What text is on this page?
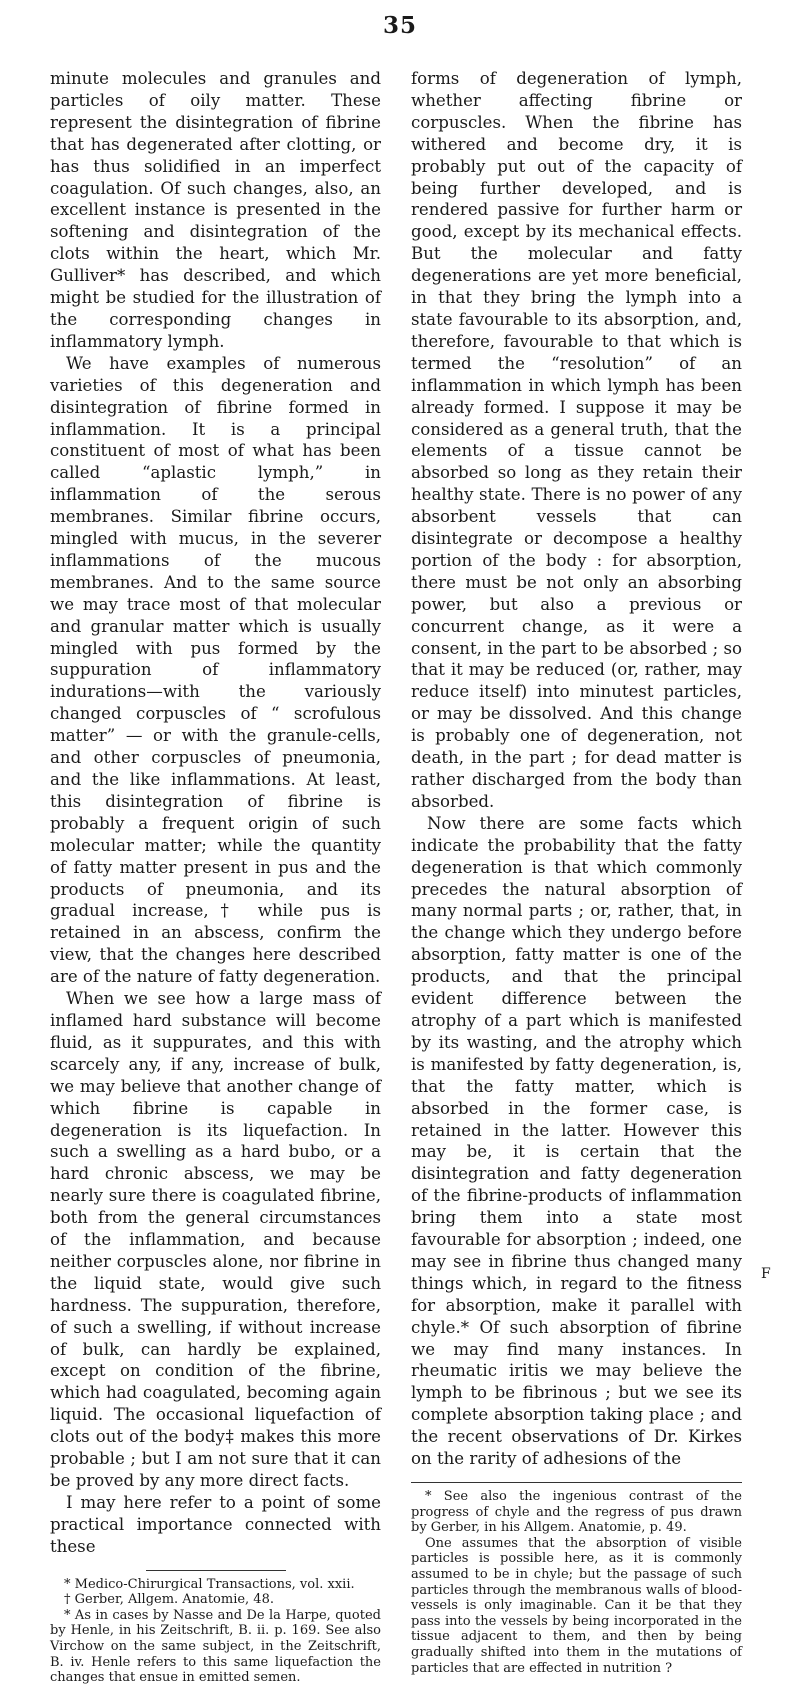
35

minute molecules and granules and particles of oily matter. These represent the disintegration of fibrine that has degenerated after clotting, or has thus solidified in an imperfect coagulation. Of such changes, also, an excellent instance is presented in the softening and disintegration of the clots within the heart, which Mr. Gulliver* has described, and which might be studied for the illustration of the corresponding changes in inflammatory lymph.

We have examples of numerous varieties of this degeneration and disintegration of fibrine formed in inflammation. It is a principal constituent of most of what has been called “aplastic lymph,” in inflammation of the serous membranes. Similar fibrine occurs, mingled with mucus, in the severer inflammations of the mucous membranes. And to the same source we may trace most of that molecular and granular matter which is usually mingled with pus formed by the suppuration of inflammatory indurations—with the variously changed corpuscles of “ scrofulous matter” — or with the granule-cells, and other corpuscles of pneumonia, and the like inflammations. At least, this disintegration of fibrine is probably a frequent origin of such molecular matter; while the quantity of fatty matter present in pus and the products of pneumonia, and its gradual increase,† while pus is retained in an abscess, confirm the view, that the changes here described are of the nature of fatty degeneration.

When we see how a large mass of inflamed hard substance will become fluid, as it suppurates, and this with scarcely any, if any, increase of bulk, we may believe that another change of which fibrine is capable in degeneration is its liquefaction. In such a swelling as a hard bubo, or a hard chronic abscess, we may be nearly sure there is coagulated fibrine, both from the general circumstances of the inflammation, and because neither corpuscles alone, nor fibrine in the liquid state, would give such hardness. The suppuration, therefore, of such a swelling, if without increase of bulk, can hardly be explained, except on condition of the fibrine, which had coagulated, becoming again liquid. The occasional liquefaction of clots out of the body‡ makes this more probable ; but I am not sure that it can be proved by any more direct facts.

I may here refer to a point of some practical importance connected with these

* Medico-Chirurgical Transactions, vol. xxii.

† Gerber, Allgem. Anatomie, 48.

* As in cases by Nasse and De la Harpe, quoted by Henle, in his Zeitschrift, B. ii. p. 169. See also Virchow on the same subject, in the Zeitschrift, B. iv. Henle refers to this same liquefaction the changes that ensue in emitted semen.

forms of degeneration of lymph, whether affecting fibrine or corpuscles. When the fibrine has withered and become dry, it is probably put out of the capacity of being further developed, and is rendered passive for further harm or good, except by its mechanical effects. But the molecular and fatty degenerations are yet more beneficial, in that they bring the lymph into a state favourable to its absorption, and, therefore, favourable to that which is termed the “resolution” of an inflammation in which lymph has been already formed. I suppose it may be considered as a general truth, that the elements of a tissue cannot be absorbed so long as they retain their healthy state. There is no power of any absorbent vessels that can disintegrate or decompose a healthy portion of the body : for absorption, there must be not only an absorbing power, but also a previous or concurrent change, as it were a consent, in the part to be absorbed ; so that it may be reduced (or, rather, may reduce itself) into minutest particles, or may be dissolved. And this change is probably one of degeneration, not death, in the part ; for dead matter is rather discharged from the body than absorbed.

Now there are some facts which indicate the probability that the fatty degeneration is that which commonly precedes the natural absorption of many normal parts ; or, rather, that, in the change which they undergo before absorption, fatty matter is one of the products, and that the principal evident difference between the atrophy of a part which is manifested by its wasting, and the atrophy which is manifested by fatty degeneration, is, that the fatty matter, which is absorbed in the former case, is retained in the latter. However this may be, it is certain that the disintegration and fatty degeneration of the fibrine-products of inflammation bring them into a state most favourable for absorption ; indeed, one may see in fibrine thus changed many things which, in regard to the fitness for absorption, make it parallel with chyle.* Of such absorption of fibrine we may find many instances. In rheumatic iritis we may believe the lymph to be fibrinous ; but we see its complete absorption taking place ; and the recent observations of Dr. Kirkes on the rarity of adhesions of the

* See also the ingenious contrast of the progress of chyle and the regress of pus drawn by Gerber, in his Allgem. Anatomie, p. 49.

One assumes that the absorption of visible particles is possible here, as it is commonly assumed to be in chyle; but the passage of such particles through the membranous walls of blood-vessels is only imaginable. Can it be that they pass into the vessels by being incorporated in the tissue adjacent to them, and then by being gradually shifted into them in the mutations of particles that are effected in nutrition ?

F
